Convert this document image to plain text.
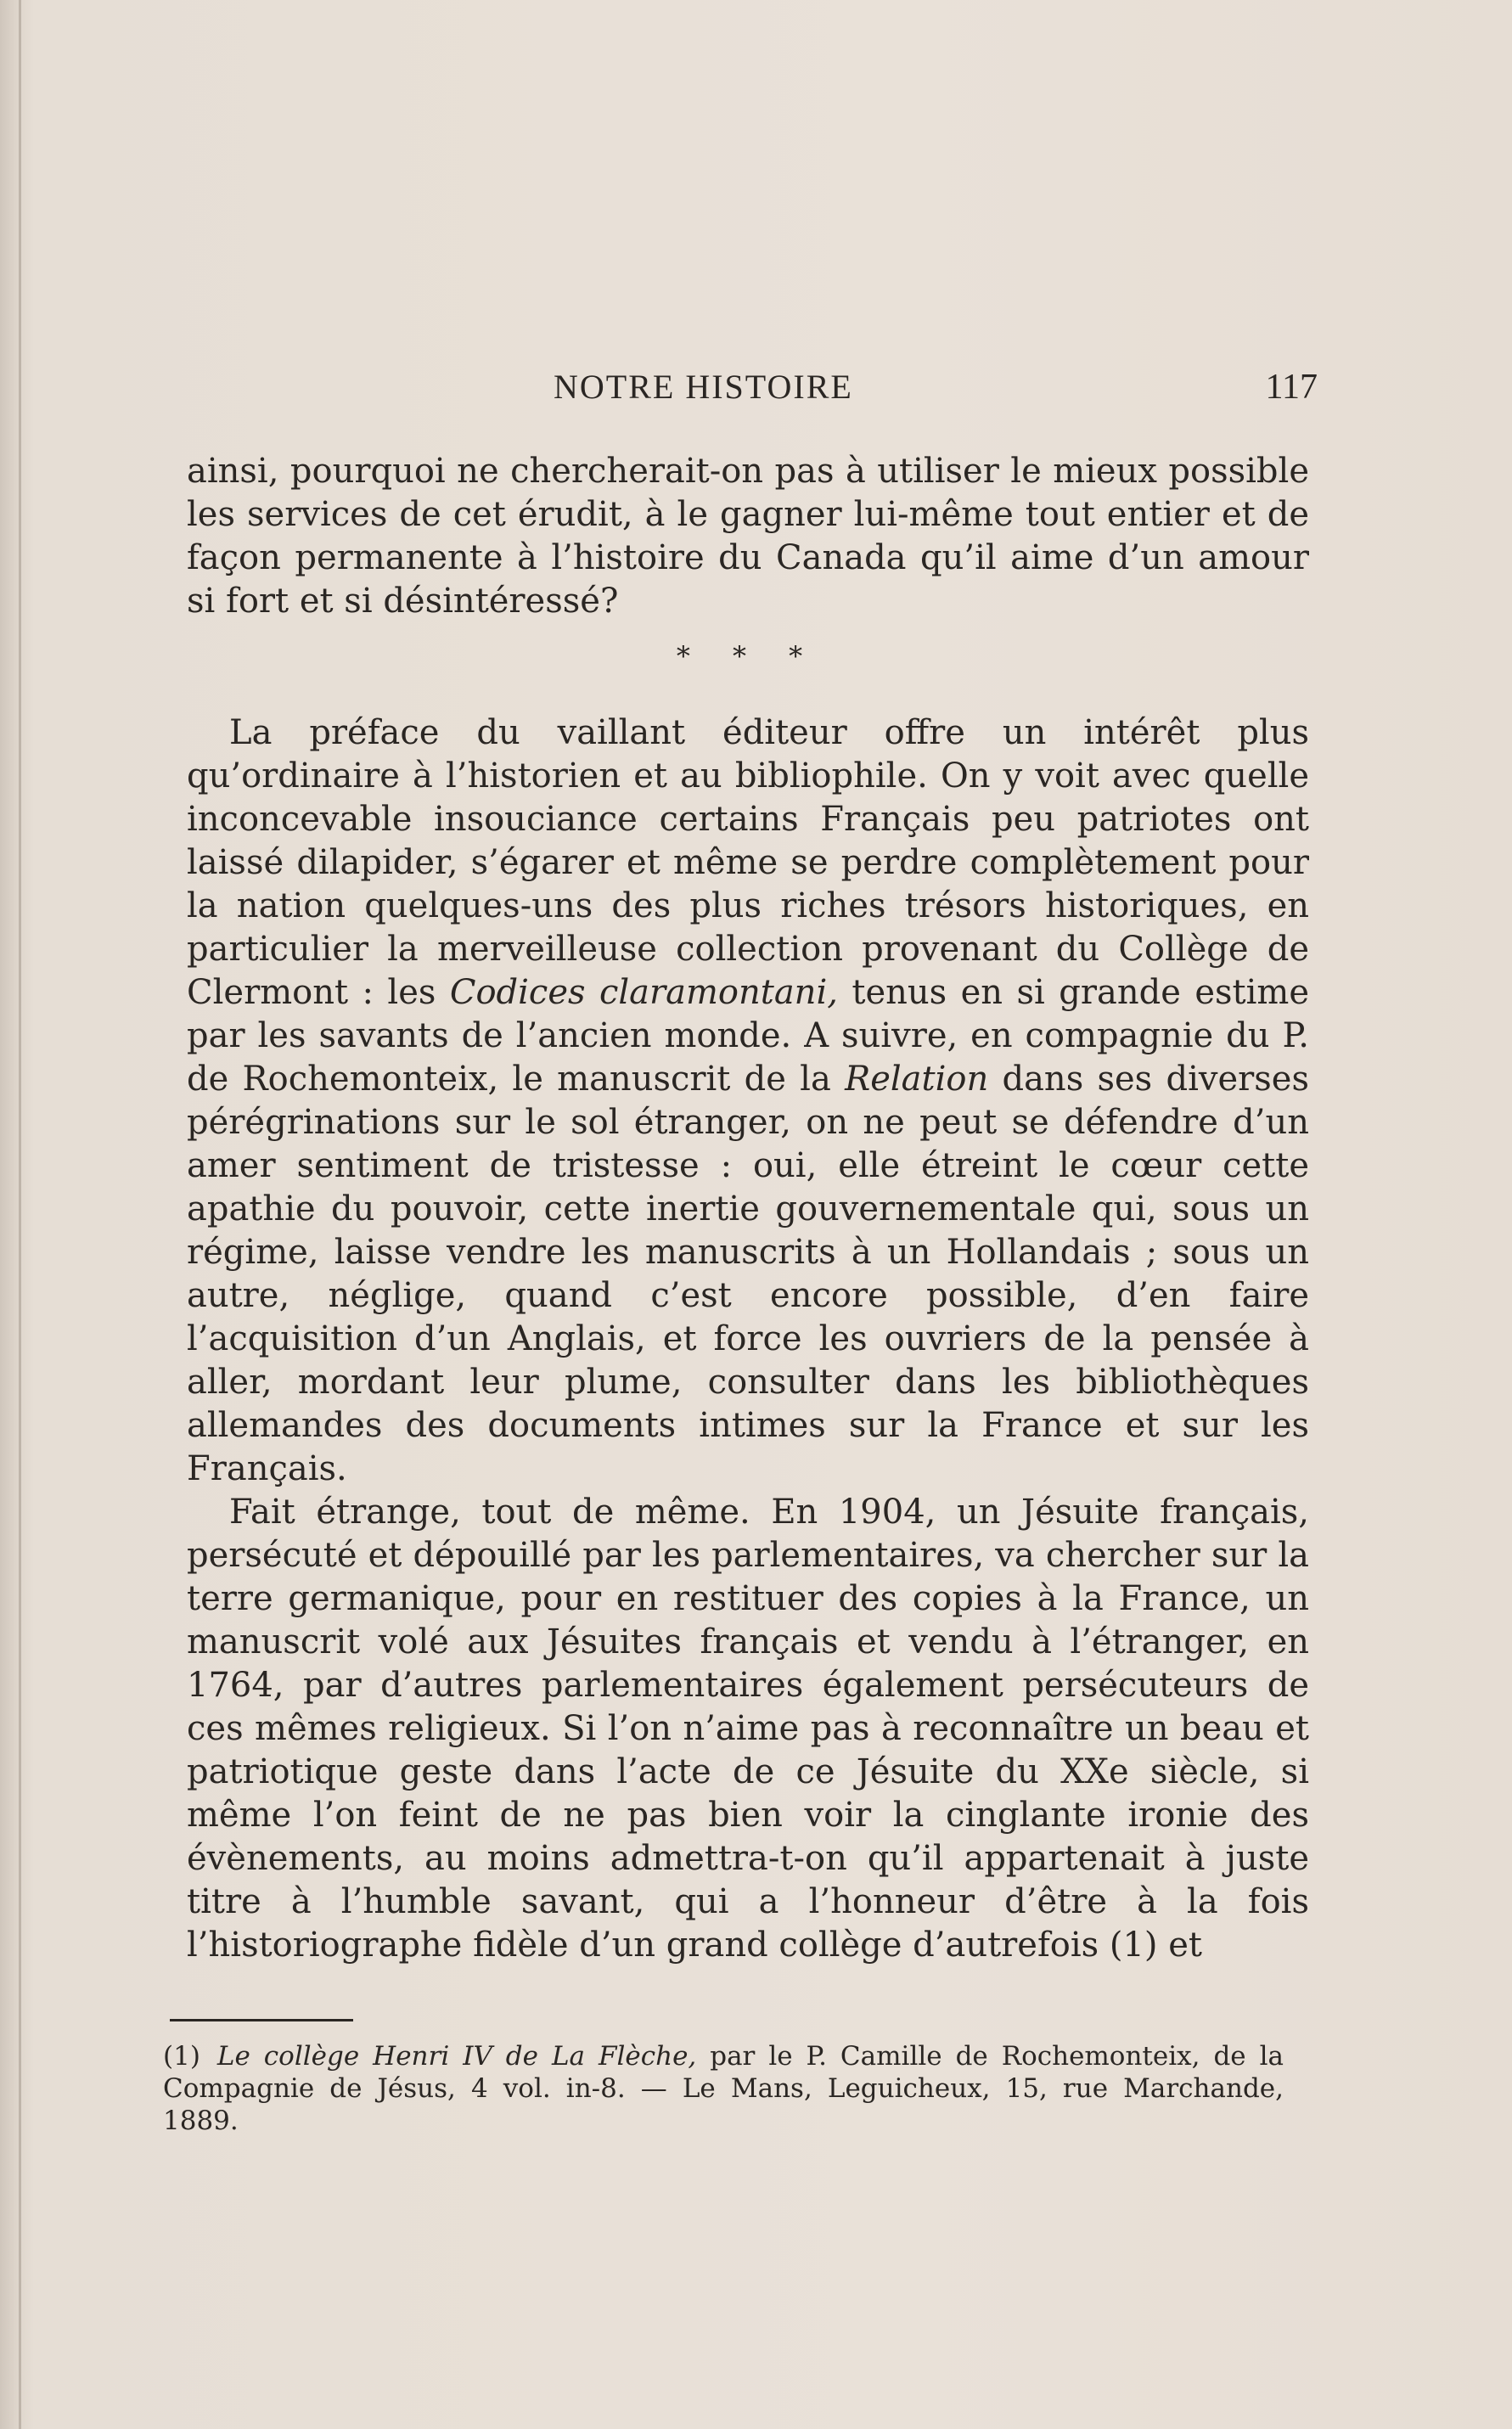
NOTRE HISTOIRE	117

ainsi, pourquoi ne chercherait-on pas à utiliser le mieux possible les services de cet érudit, à le gagner lui-même tout entier et de façon permanente à l’histoire du Canada qu’il aime d’un amour si fort et si désintéressé?

* * *

La préface du vaillant éditeur offre un intérêt plus qu’ordinaire à l’historien et au bibliophile. On y voit avec quelle inconcevable insouciance certains Français peu patriotes ont laissé dilapider, s’égarer et même se perdre complètement pour la nation quelques-uns des plus riches trésors historiques, en particulier la merveilleuse collection provenant du Collège de Clermont : les Codices claramontani, tenus en si grande estime par les savants de l’ancien monde. A suivre, en compagnie du P. de Rochemonteix, le manuscrit de la Relation dans ses diverses pérégrinations sur le sol étranger, on ne peut se défendre d’un amer sentiment de tristesse : oui, elle étreint le cœur cette apathie du pouvoir, cette inertie gouvernementale qui, sous un régime, laisse vendre les manuscrits à un Hollandais ; sous un autre, néglige, quand c’est encore possible, d’en faire l’acquisition d’un Anglais, et force les ouvriers de la pensée à aller, mordant leur plume, consulter dans les bibliothèques allemandes des documents intimes sur la France et sur les Français.

Fait étrange, tout de même. En 1904, un Jésuite français, persécuté et dépouillé par les parlementaires, va chercher sur la terre germanique, pour en restituer des copies à la France, un manuscrit volé aux Jésuites français et vendu à l’étranger, en 1764, par d’autres parlementaires également persécuteurs de ces mêmes religieux. Si l’on n’aime pas à reconnaître un beau et patriotique geste dans l’acte de ce Jésuite du XXe siècle, si même l’on feint de ne pas bien voir la cinglante ironie des évènements, au moins admettra-t-on qu’il appartenait à juste titre à l’humble savant, qui a l’honneur d’être à la fois l’historiographe fidèle d’un grand collège d’autrefois (1) et

(1) Le collège Henri IV de La Flèche, par le P. Camille de Rochemonteix, de la Compagnie de Jésus, 4 vol. in-8. — Le Mans, Leguicheux, 15, rue Marchande, 1889.
